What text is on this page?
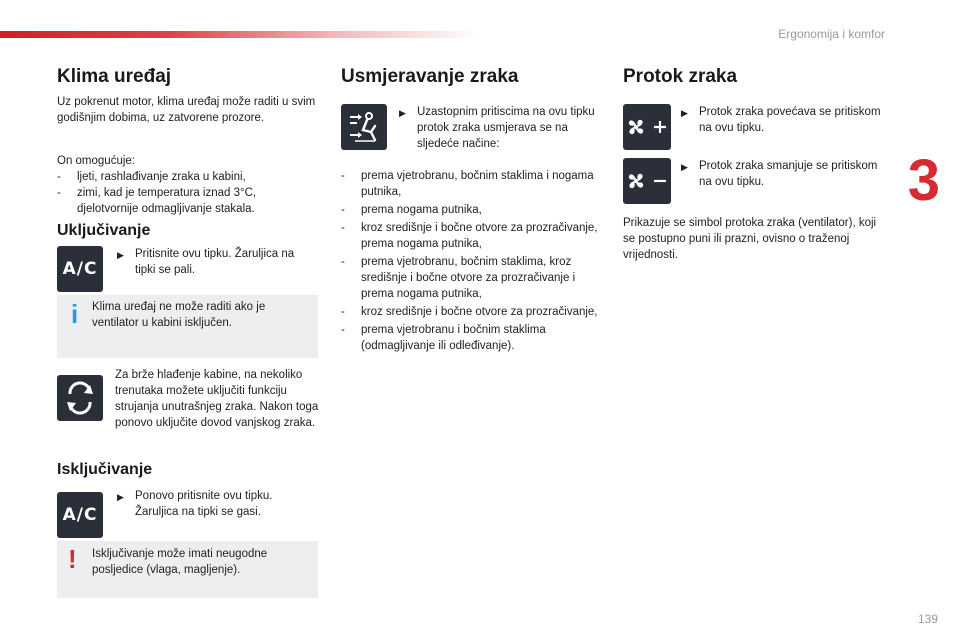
Ergonomija i komfor
3
139
Klima uređaj

Uz pokrenut motor, klima uređaj može raditi u svim godišnjim dobima, uz zatvorene prozore.

On omogućuje:

-	ljeti, rashlađivanje zraka u kabini,
-	zimi, kad je temperatura iznad 3°C, djelotvornije odmagljivanje stakala.
Uključivanje
A/C
▶ Pritisnite ovu tipku. Žaruljica na tipki se pali.
i Klima uređaj ne može raditi ako je ventilator u kabini isključen.

Za brže hlađenje kabine, na nekoliko trenutaka možete uključiti funkciju strujanja unutrašnjeg zraka. Nakon toga ponovo uključite dovod vanjskog zraka.

Isključivanje
A/C
▶ Ponovo pritisnite ovu tipku. Žaruljica na tipki se gasi.
! Isključivanje može imati neugodne posljedice (vlaga, magljenje).

Usmjeravanje zraka
▶ Uzastopnim pritiscima na ovu tipku protok zraka usmjerava se na sljedeće načine:
-	prema vjetrobranu, bočnim staklima i nogama putnika,
-	prema nogama putnika,
-	kroz središnje i bočne otvore za prozračivanje, prema nogama putnika,
-	prema vjetrobranu, bočnim staklima, kroz središnje i bočne otvore za prozračivanje i prema nogama putnika,
-	kroz središnje i bočne otvore za prozračivanje,
-	prema vjetrobranu i bočnim staklima (odmagljivanje ili odleđivanje).
Protok zraka
▶ Protok zraka povećava se pritiskom na ovu tipku.
▶ Protok zraka smanjuje se pritiskom na ovu tipku.

Prikazuje se simbol protoka zraka (ventilator), koji se postupno puni ili prazni, ovisno o traženoj vrijednosti.
